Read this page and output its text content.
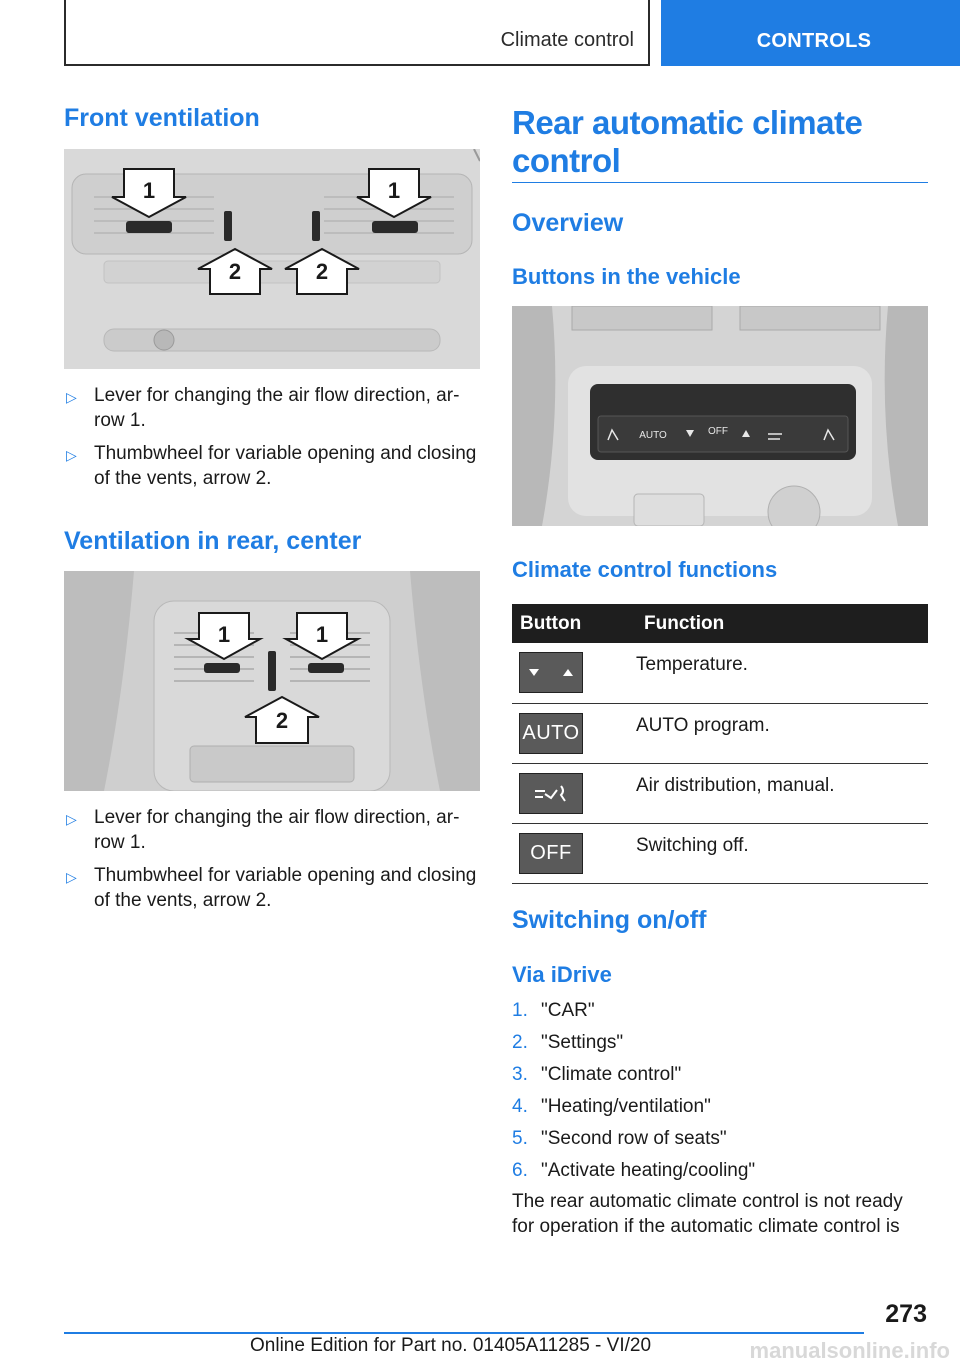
Climate control	CONTROLS
Front ventilation
1	1
2	2
▷ Lever for changing the air flow direction, ar-row 1.
▷ Thumbwheel for variable opening and closing of the vents, arrow 2.
Ventilation in rear, center
1	1
2
▷ Lever for changing the air flow direction, ar-row 1.
▷ Thumbwheel for variable opening and closing of the vents, arrow 2.
Rear automatic climate
control
Overview
Buttons in the vehicle
AUTO	OFF
Climate control functions
Button	Function

	Temperature.

AUTO	AUTO program.

	Air distribution, manual.

OFF	Switching off.
Switching on/off
Via iDrive
1. "CAR"
2. "Settings"
3. "Climate control"
4. "Heating/ventilation"
5. "Second row of seats"
6. "Activate heating/cooling"
The rear automatic climate control is not ready for operation if the automatic climate control is
273
Online Edition for Part no. 01405A11285 - VI/20	manualsonline.info
